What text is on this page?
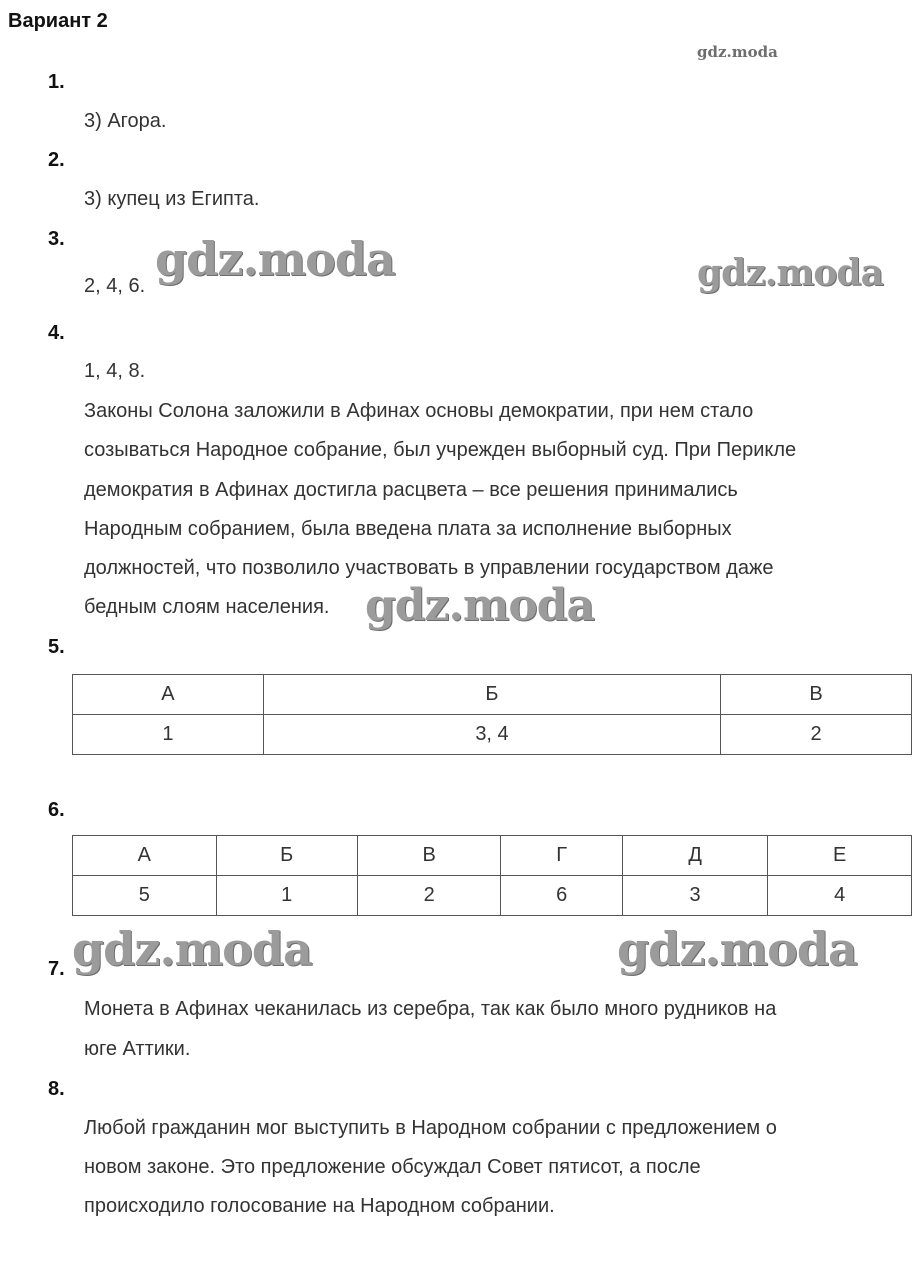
Вариант 2
1.
3) Агора.
2.
3) купец из Египта.
3.
2, 4, 6.
4.
1, 4, 8.
Законы Солона заложили в Афинах основы демократии, при нем стало
созываться Народное собрание, был учрежден выборный суд. При Перикле
демократия в Афинах достигла расцвета – все решения принимались
Народным собранием, была введена плата за исполнение выборных
должностей, что позволило участвовать в управлении государством даже
бедным слоям населения.
5.
А	Б	В
1	3, 4	2
6.
А	Б	В	Г	Д	Е
5	1	2	6	3	4
7.
Монета в Афинах чеканилась из серебра, так как было много рудников на
юге Аттики.
8.
Любой гражданин мог выступить в Народном собрании с предложением о
новом законе. Это предложение обсуждал Совет пятисот, а после
происходило голосование на Народном собрании.
gdz.moda
gdz.moda	gdz.moda
gdz.moda
gdz.moda	gdz.moda
